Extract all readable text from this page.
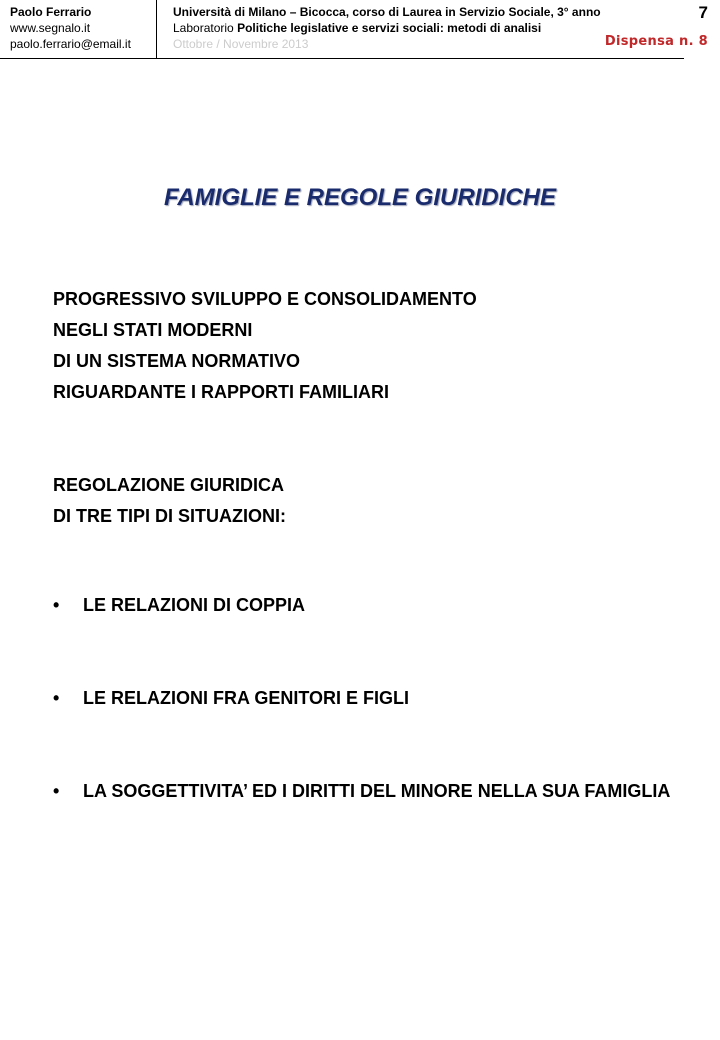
Paolo Ferrario
www.segnalo.it
paolo.ferrario@email.it
Università di Milano – Bicocca, corso di Laurea in Servizio Sociale, 3° anno
Laboratorio Politiche legislative e servizi sociali: metodi di analisi
Ottobre / Novembre 2013
7
Dispensa n. 8
FAMIGLIE E REGOLE GIURIDICHE
PROGRESSIVO SVILUPPO E CONSOLIDAMENTO
NEGLI STATI MODERNI
DI UN SISTEMA NORMATIVO
RIGUARDANTE I RAPPORTI FAMILIARI
REGOLAZIONE GIURIDICA
DI TRE TIPI DI SITUAZIONI:
• LE RELAZIONI DI COPPIA
• LE RELAZIONI FRA GENITORI E FIGLI
• LA SOGGETTIVITA’ ED I DIRITTI DEL MINORE NELLA SUA FAMIGLIA
